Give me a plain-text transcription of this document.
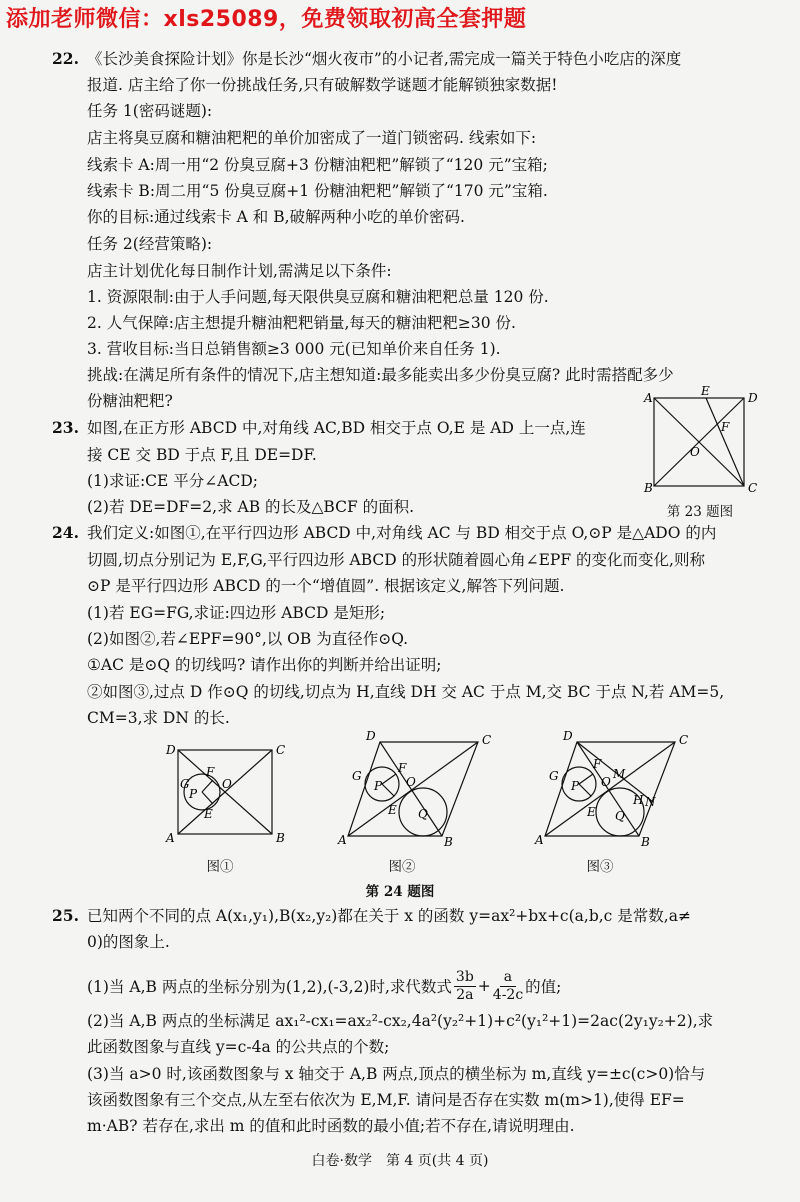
添加老师微信：xls25089，免费领取初高全套押题
22. 《长沙美食探险计划》你是长沙“烟火夜市”的小记者,需完成一篇关于特色小吃店的深度
报道. 店主给了你一份挑战任务,只有破解数学谜题才能解锁独家数据!
任务 1(密码谜题):
店主将臭豆腐和糖油粑粑的单价加密成了一道门锁密码. 线索如下:
线索卡 A:周一用“2 份臭豆腐+3 份糖油粑粑”解锁了“120 元”宝箱;
线索卡 B:周二用“5 份臭豆腐+1 份糖油粑粑”解锁了“170 元”宝箱.
你的目标:通过线索卡 A 和 B,破解两种小吃的单价密码.
任务 2(经营策略):
店主计划优化每日制作计划,需满足以下条件:
1. 资源限制:由于人手问题,每天限供臭豆腐和糖油粑粑总量 120 份.
2. 人气保障:店主想提升糖油粑粑销量,每天的糖油粑粑≥30 份.
3. 营收目标:当日总销售额≥3 000 元(已知单价来自任务 1).
挑战:在满足所有条件的情况下,店主想知道:最多能卖出多少份臭豆腐? 此时需搭配多少
份糖油粑粑?
23. 如图,在正方形 ABCD 中,对角线 AC,BD 相交于点 O,E 是 AD 上一点,连
接 CE 交 BD 于点 F,且 DE=DF.
(1)求证:CE 平分∠ACD;
(2)若 DE=DF=2,求 AB 的长及△BCF 的面积.
A	D
B	C
E
F
O
第 23 题图
24. 我们定义:如图①,在平行四边形 ABCD 中,对角线 AC 与 BD 相交于点 O,⊙P 是△ADO 的内
切圆,切点分别记为 E,F,G,平行四边形 ABCD 的形状随着圆心角∠EPF 的变化而变化,则称
⊙P 是平行四边形 ABCD 的一个“增值圆”. 根据该定义,解答下列问题.
(1)若 EG=FG,求证:四边形 ABCD 是矩形;
(2)如图②,若∠EPF=90°,以 OB 为直径作⊙Q.
①AC 是⊙Q 的切线吗? 请作出你的判断并给出证明;
②如图③,过点 D 作⊙Q 的切线,切点为 H,直线 DH 交 AC 于点 M,交 BC 于点 N,若 AM=5,
CM=3,求 DN 的长.
D	C
A	B
F
P
E
O
G
D	C
A	B
F
P
E
O
G
Q
D	C
A	B
F
P
E
O
G	M
H N
Q
图①	图②	图③
第 24 题图
25. 已知两个不同的点 A(x₁,y₁),B(x₂,y₂)都在关于 x 的函数 y=ax²+bx+c(a,b,c 是常数,a≠
0)的图象上.
(1)当 A,B 两点的坐标分别为(1,2),(-3,2)时,求代数式 $\frac{3b}{2a} + \frac{a}{4-2c}$ 的值;
(2)当 A,B 两点的坐标满足 ax₁²-cx₁=ax₂²-cx₂,4a²(y₂²+1)+c²(y₁²+1)=2ac(2y₁y₂+2),求
此函数图象与直线 y=c-4a 的公共点的个数;
(3)当 a>0 时,该函数图象与 x 轴交于 A,B 两点,顶点的横坐标为 m,直线 y=±c(c>0)恰与
该函数图象有三个交点,从左至右依次为 E,M,F. 请问是否存在实数 m(m>1),使得 EF=
m·AB? 若存在,求出 m 的值和此时函数的最小值;若不存在,请说明理由.
白卷·数学　第 4 页(共 4 页)
